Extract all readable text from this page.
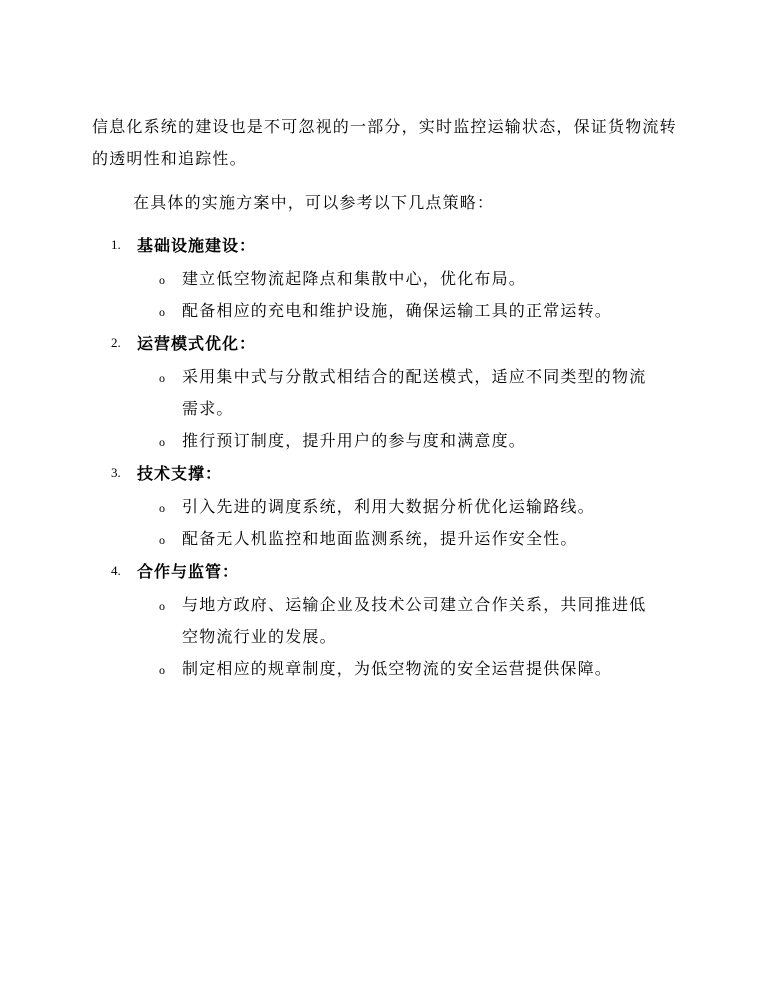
信息化系统的建设也是不可忽视的一部分，实时监控运输状态，保证货物流转的透明性和追踪性。

在具体的实施方案中，可以参考以下几点策略：

1. 基础设施建设：
o 建立低空物流起降点和集散中心，优化布局。
o 配备相应的充电和维护设施，确保运输工具的正常运转。
2. 运营模式优化：
o 采用集中式与分散式相结合的配送模式，适应不同类型的物流需求。
o 推行预订制度，提升用户的参与度和满意度。
3. 技术支撑：
o 引入先进的调度系统，利用大数据分析优化运输路线。
o 配备无人机监控和地面监测系统，提升运作安全性。
4. 合作与监管：
o 与地方政府、运输企业及技术公司建立合作关系，共同推进低空物流行业的发展。
o 制定相应的规章制度，为低空物流的安全运营提供保障。
